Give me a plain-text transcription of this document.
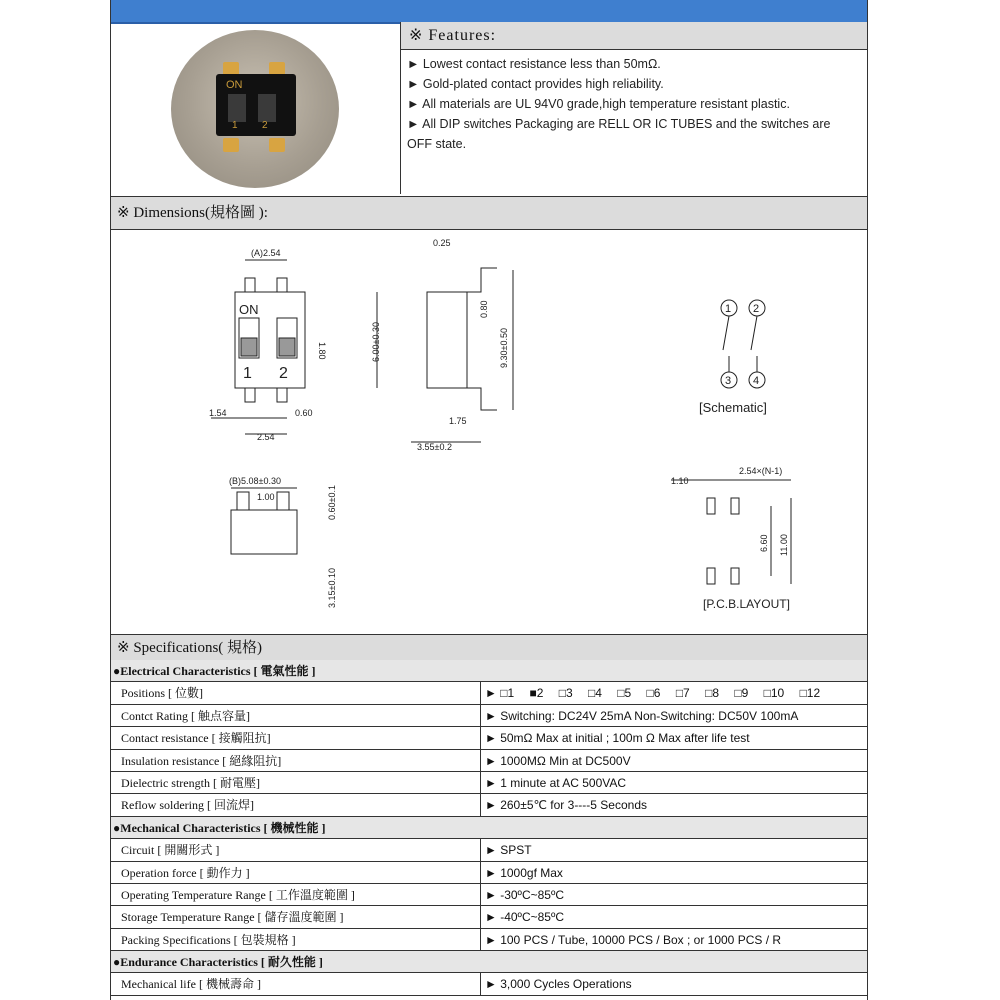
ON
1 2
※ Features:
► Lowest contact resistance less than 50mΩ.
► Gold-plated contact provides high reliability.
► All materials are UL 94V0 grade,high temperature resistant plastic.
► All DIP switches Packaging are RELL OR IC TUBES and the switches are
OFF state.
※ Dimensions(規格圖 ):
(A)2.54
ON
1 2
1.80
1.54	0.60
2.54
6.00±0.30
0.25
0.80
9.30±0.50
1.75
3.55±0.2
(B)5.08±0.30
1.00	0.60±0.1
3.15±0.10
1 2
3 4
[Schematic]
1.10
2.54×(N-1)
6.60 11.00
[P.C.B.LAYOUT]
※ Specifications( 規格)
●Electrical Characteristics [ 電氣性能 ]
Positions [ 位數]	► □1 ■2 □3 □4 □5 □6 □7 □8 □9 □10 □12
Contct Rating [ 触点容量]	► Switching: DC24V 25mA Non-Switching: DC50V 100mA
Contact resistance [ 接觸阻抗]	► 50mΩ Max at initial ; 100m Ω Max after life test
Insulation resistance [ 絕緣阻抗]	► 1000MΩ Min at DC500V
Dielectric strength [ 耐電壓]	► 1 minute at AC 500VAC
Reflow soldering [ 回流焊]	► 260±5℃ for 3----5 Seconds
●Mechanical Characteristics [ 機械性能 ]
Circuit [ 開關形式 ]	► SPST
Operation force [ 動作力 ]	► 1000gf Max
Operating Temperature Range [ 工作溫度範圍 ]	► -30ºC~85ºC
Storage Temperature Range [ 儲存溫度範圍 ]	► -40ºC~85ºC
Packing Specifications [ 包裝規格 ]	► 100 PCS / Tube, 10000 PCS / Box ; or 1000 PCS / R
●Endurance Characteristics [ 耐久性能 ]
Mechanical life [ 機械壽命 ]	► 3,000 Cycles Operations
